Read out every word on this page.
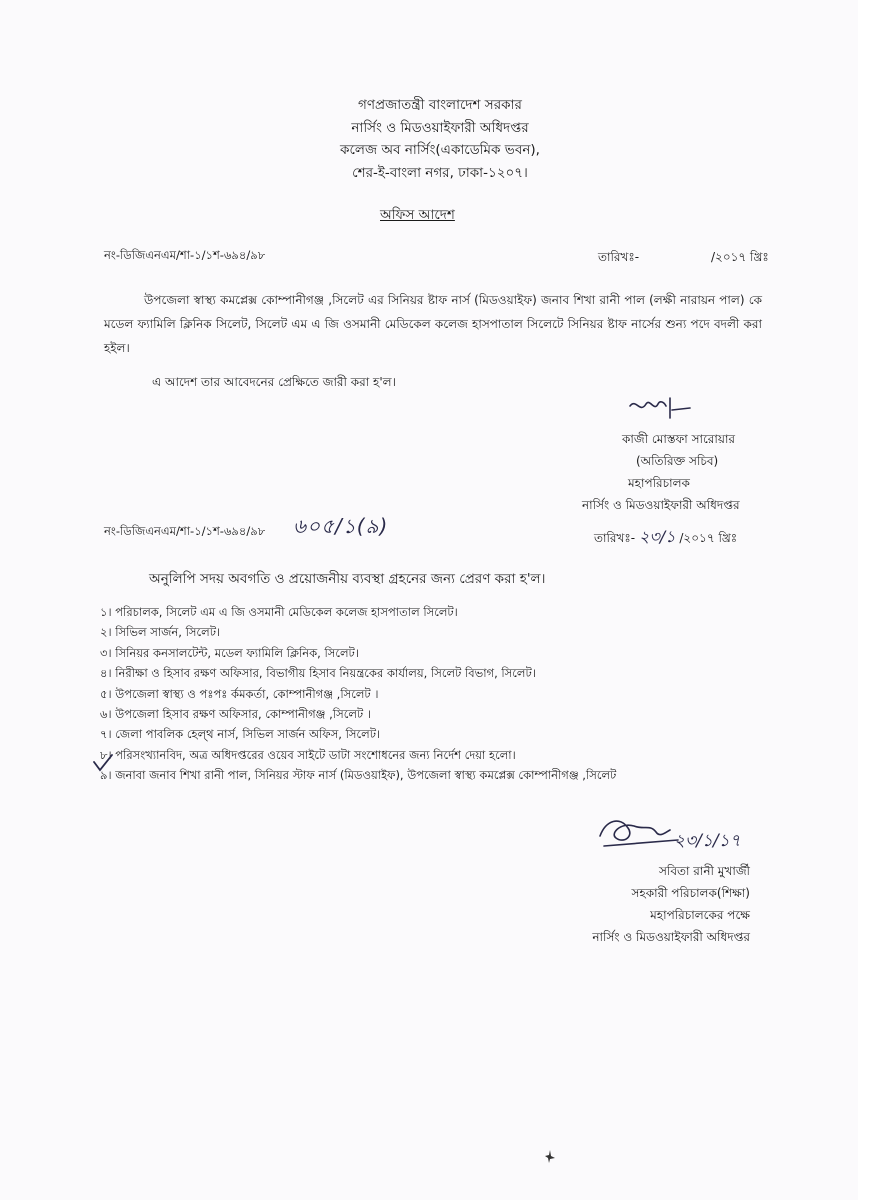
গণপ্রজাতন্ত্রী বাংলাদেশ সরকার
নার্সিং ও মিডওয়াইফারী অধিদপ্তর
কলেজ অব নার্সিং(একাডেমিক ভবন),
শের-ই-বাংলা নগর, ঢাকা-১২০৭।
অফিস আদেশ
নং-ডিজিএনএম/শা-১/১শ-৬৯৪/৯৮	তারিখঃ-	/২০১৭ খ্রিঃ
উপজেলা স্বাস্থ্য কমপ্লেক্স কোম্পানীগঞ্জ ,সিলেট এর সিনিয়র ষ্টাফ নার্স (মিডওয়াইফ) জনাব শিখা রানী পাল (লক্ষী নারায়ন পাল) কে মডেল ফ্যামিলি ক্লিনিক সিলেট, সিলেট এম এ জি ওসমানী মেডিকেল কলেজ হাসপাতাল সিলেটে সিনিয়র ষ্টাফ নার্সের শুন্য পদে বদলী করা হইল।
এ আদেশ তার আবেদনের প্রেক্ষিতে জারী করা হ'ল।
কাজী মোস্তফা সারোয়ার
(অতিরিক্ত সচিব)
মহাপরিচালক
নার্সিং ও মিডওয়াইফারী অধিদপ্তর
নং-ডিজিএনএম/শা-১/১শ-৬৯৪/৯৮ ৬০৫/১(৯)	তারিখঃ- ২৩/১ /২০১৭ খ্রিঃ
অনুলিপি সদয় অবগতি ও প্রয়োজনীয় ব্যবস্থা গ্রহনের জন্য প্রেরণ করা হ'ল।
১। পরিচালক, সিলেট এম এ জি ওসমানী মেডিকেল কলেজ হাসপাতাল সিলেট।
২। সিভিল সার্জন, সিলেট।
৩। সিনিয়র কনসালটেন্ট, মডেল ফ্যামিলি ক্লিনিক, সিলেট।
৪। নিরীক্ষা ও হিসাব রক্ষণ অফিসার, বিভাগীয় হিসাব নিয়ন্ত্রকের কার্যালয়, সিলেট বিভাগ, সিলেট।
৫। উপজেলা স্বাস্থ্য ও পঃপঃ র্কমকর্তা, কোম্পানীগঞ্জ ,সিলেট ।
৬। উপজেলা হিসাব রক্ষণ অফিসার, কোম্পানীগঞ্জ ,সিলেট ।
৭। জেলা পাবলিক হেল্থ নার্স, সিভিল সার্জন অফিস, সিলেট।
৮। পরিসংখ্যানবিদ, অত্র অধিদপ্তরের ওয়েব সাইটে ডাটা সংশোধনের জন্য নির্দেশ দেয়া হলো।
৯। জনাবা জনাব শিখা রানী পাল, সিনিয়র স্টাফ নার্স (মিডওয়াইফ), উপজেলা স্বাস্থ্য কমপ্লেক্স কোম্পানীগঞ্জ ,সিলেট
২৩/১/১৭
সবিতা রানী মুখার্জী
সহকারী পরিচালক(শিক্ষা)
মহাপরিচালকের পক্ষে
নার্সিং ও মিডওয়াইফারী অধিদপ্তর
